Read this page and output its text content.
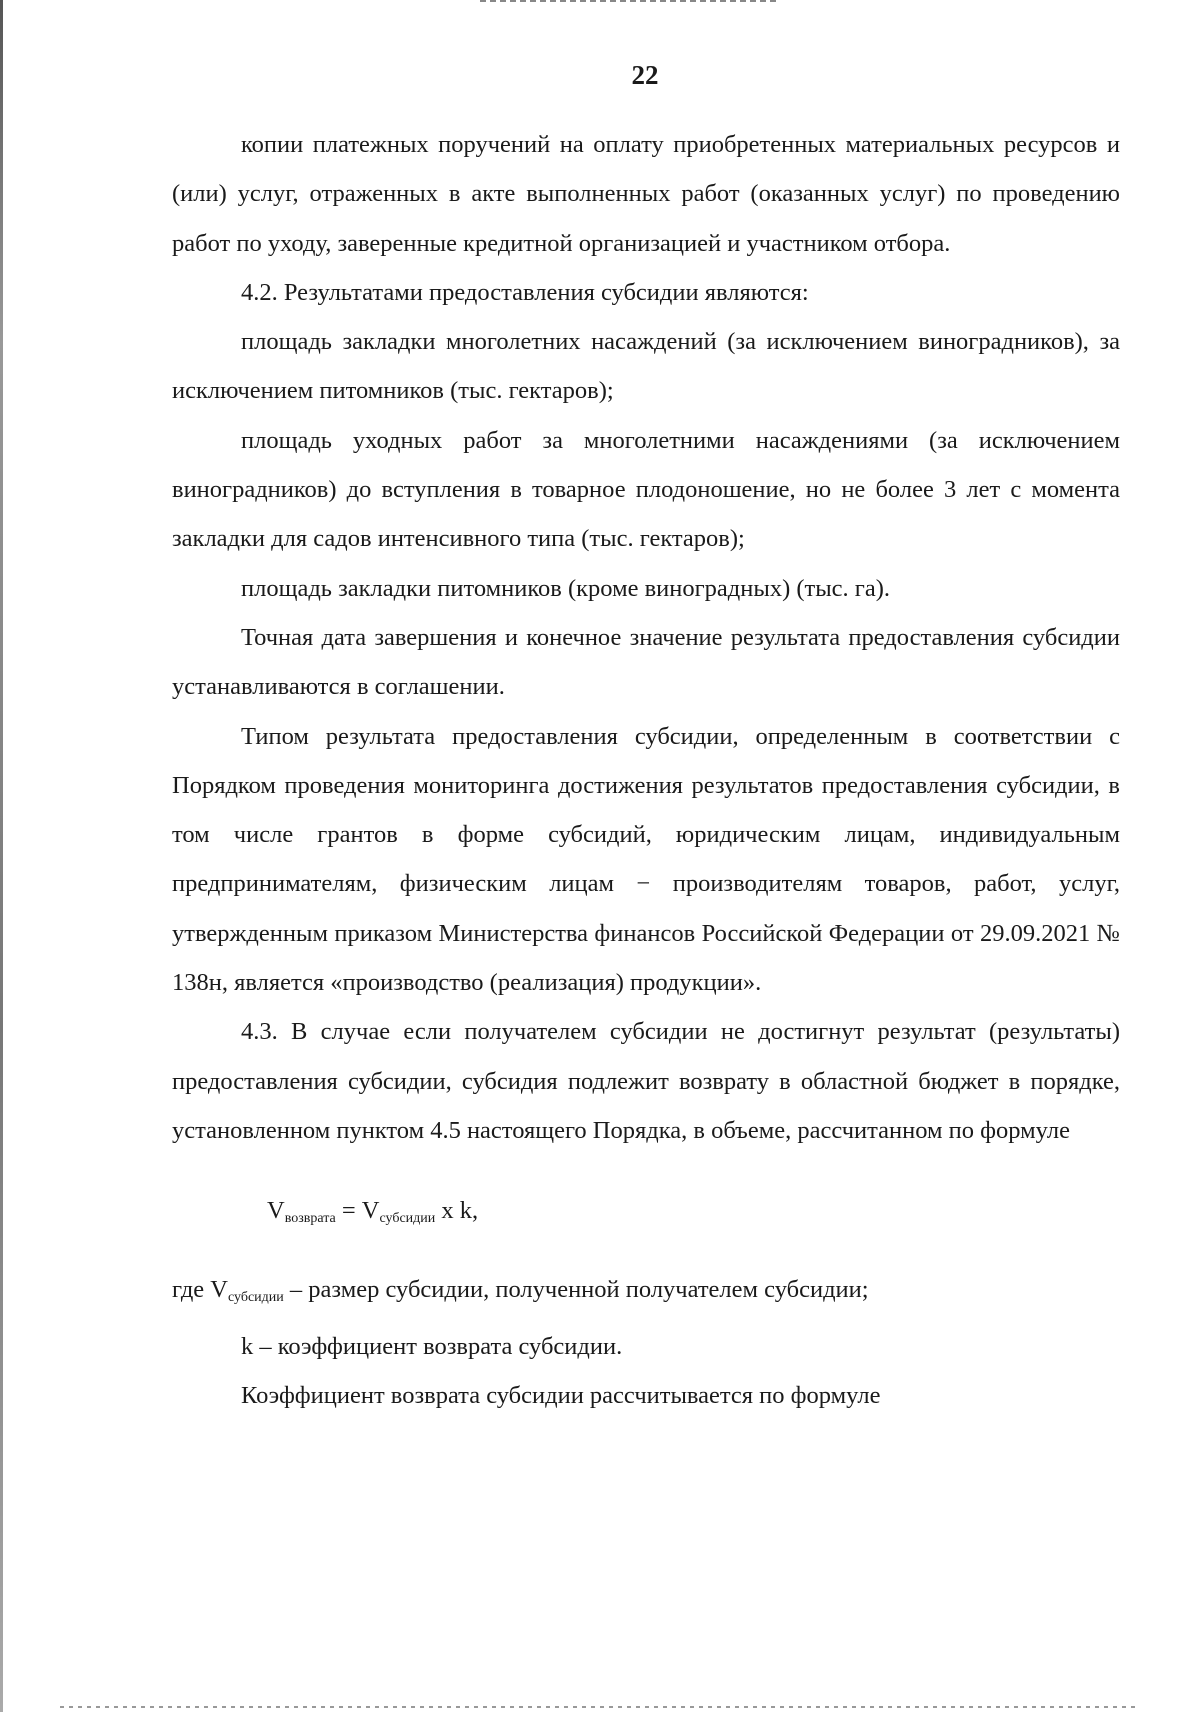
22

копии платежных поручений на оплату приобретенных материальных ресурсов и (или) услуг, отраженных в акте выполненных работ (оказанных услуг) по проведению работ по уходу, заверенные кредитной организацией и участником отбора.

4.2. Результатами предоставления субсидии являются:

площадь закладки многолетних насаждений (за исключением виноградников), за исключением питомников (тыс. гектаров);

площадь уходных работ за многолетними насаждениями (за исключением виноградников) до вступления в товарное плодоношение, но не более 3 лет с момента закладки для садов интенсивного типа (тыс. гектаров);

площадь закладки питомников (кроме виноградных) (тыс. га).

Точная дата завершения и конечное значение результата предоставления субсидии устанавливаются в соглашении.

Типом результата предоставления субсидии, определенным в соответствии с Порядком проведения мониторинга достижения результатов предоставления субсидии, в том числе грантов в форме субсидий, юридическим лицам, индивидуальным предпринимателям, физическим лицам − производителям товаров, работ, услуг, утвержденным приказом Министерства финансов Российской Федерации от 29.09.2021 № 138н, является «производство (реализация) продукции».

4.3. В случае если получателем субсидии не достигнут результат (результаты) предоставления субсидии, субсидия подлежит возврату в областной бюджет в порядке, установленном пунктом 4.5 настоящего Порядка, в объеме, рассчитанном по формуле

$V_{возврата} = V_{субсидии}$ x k,

где $V_{субсидии}$ – размер субсидии, полученной получателем субсидии;

k – коэффициент возврата субсидии.

Коэффициент возврата субсидии рассчитывается по формуле
